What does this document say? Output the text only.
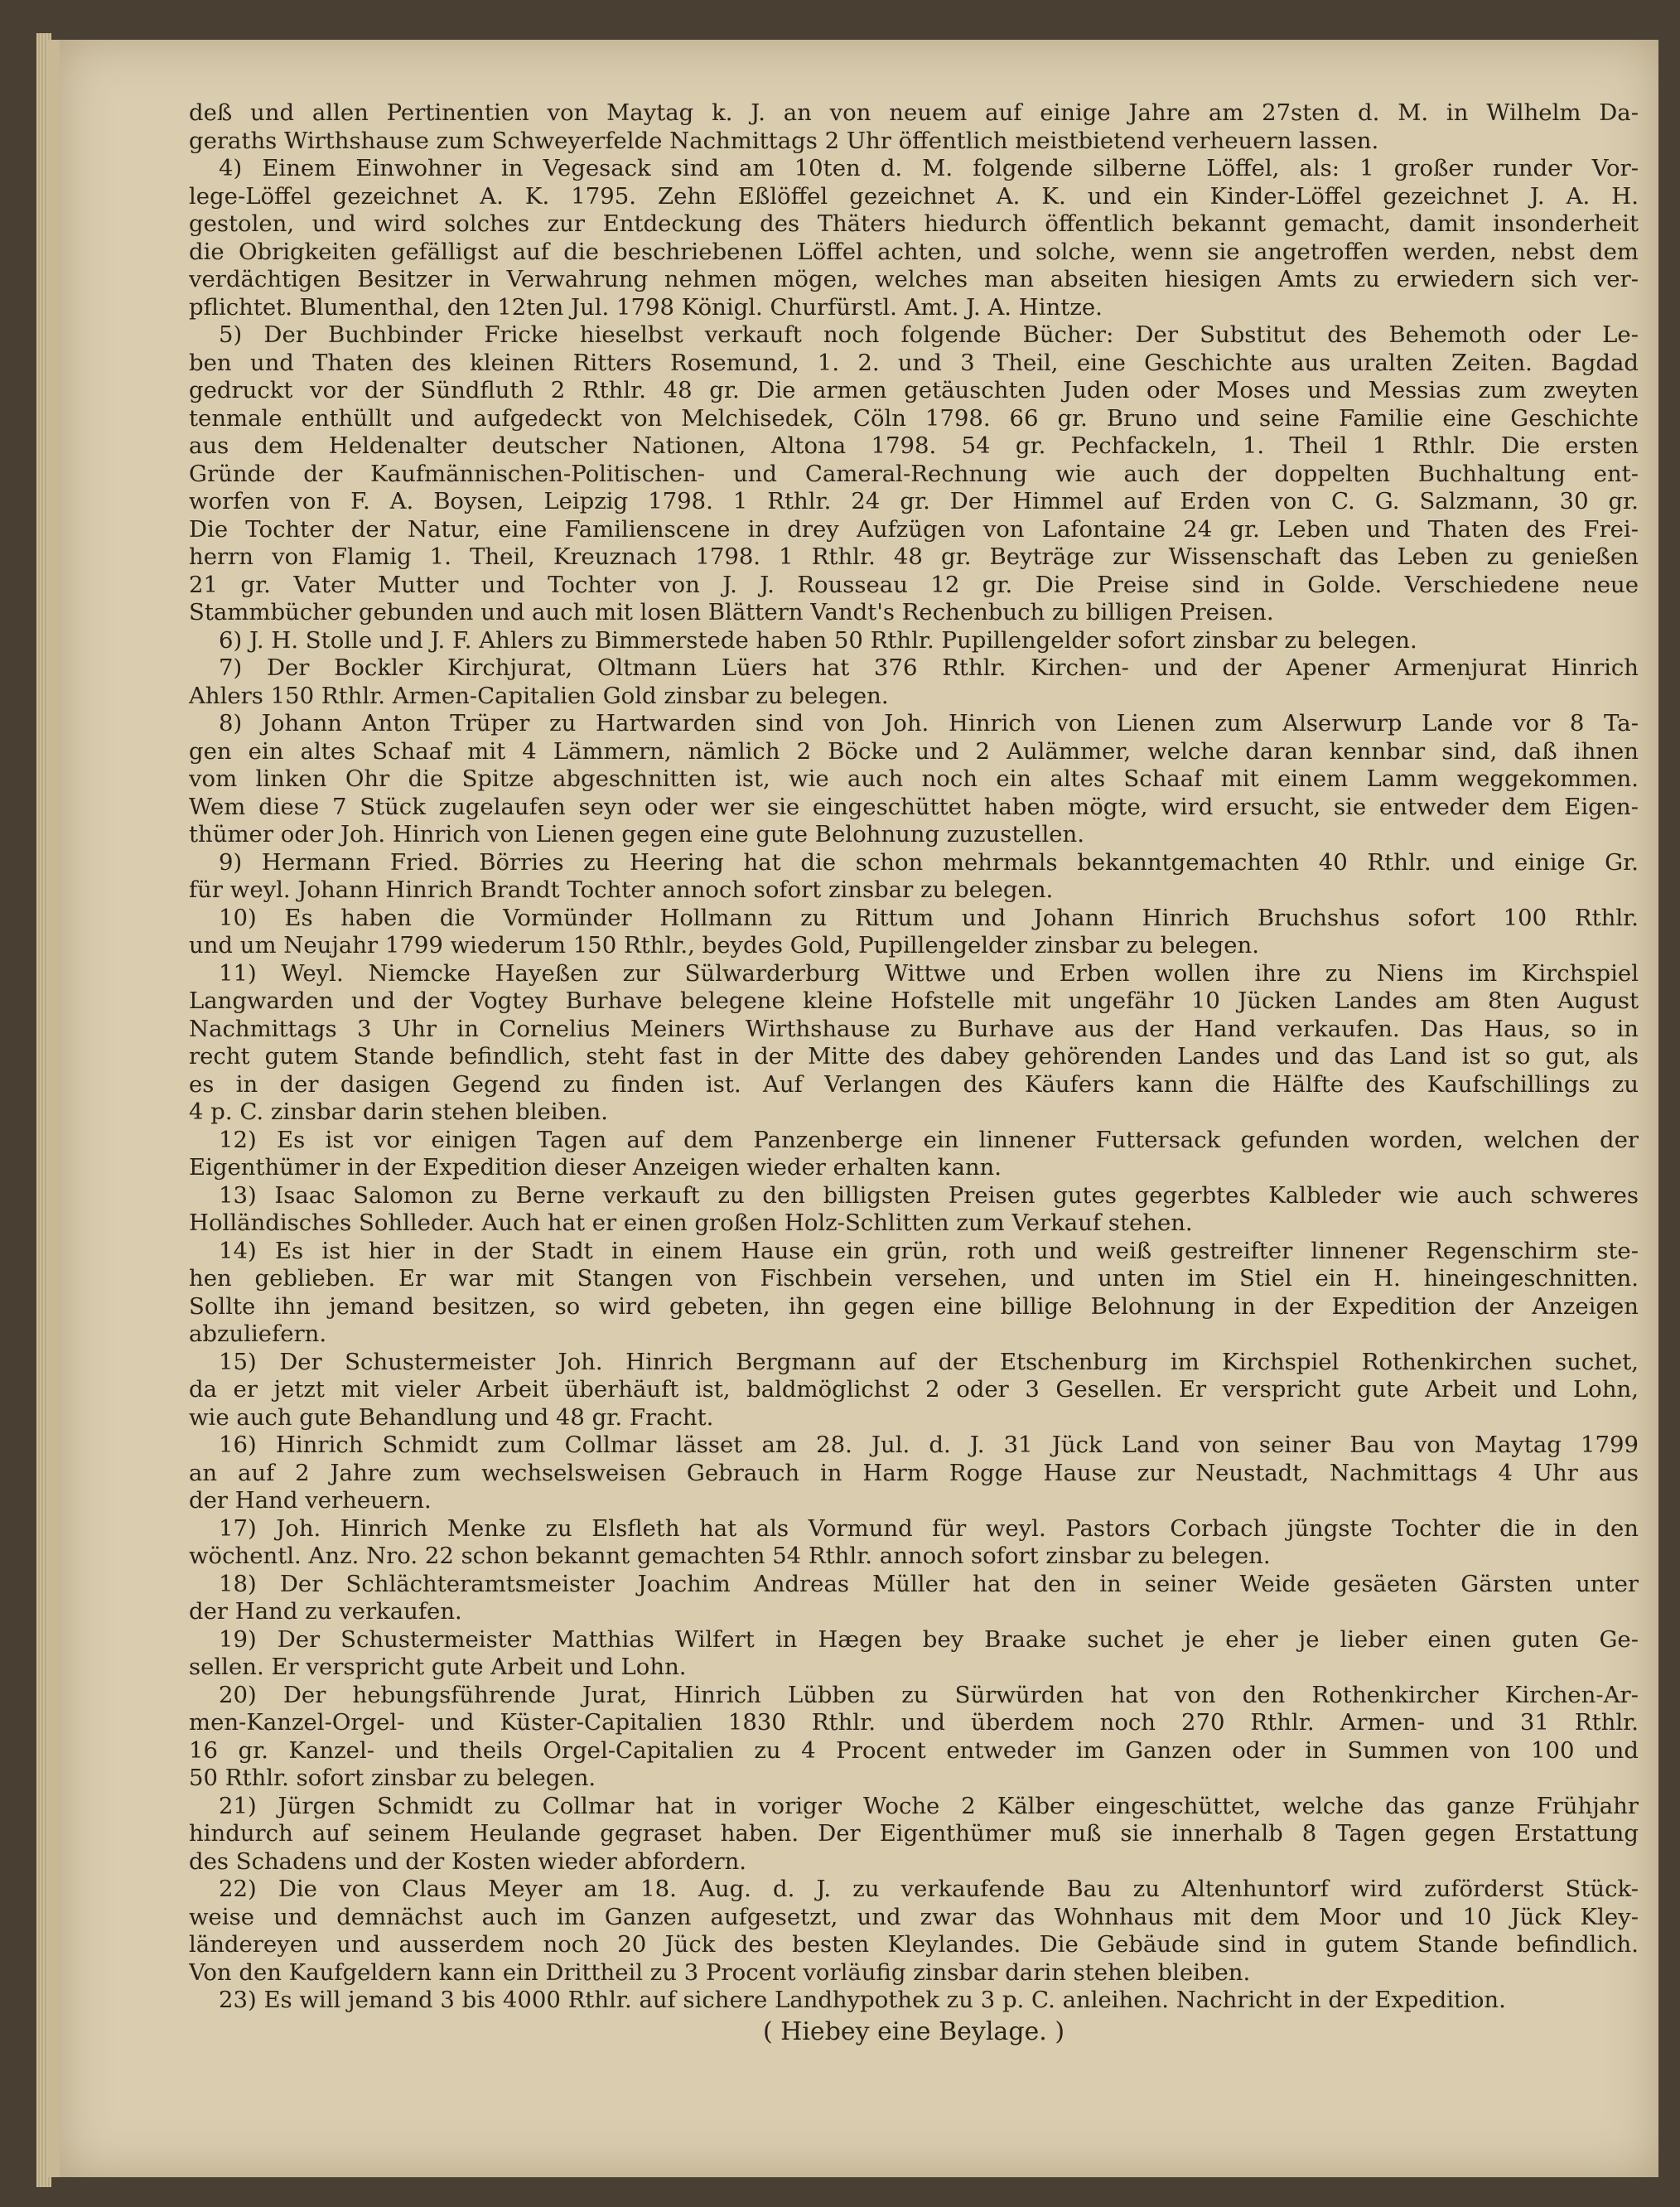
deß und allen Pertinentien von Maytag k. J. an von neuem auf einige Jahre am 27sten d. M. in Wilhelm Da-
geraths Wirthshause zum Schweyerfelde Nachmittags 2 Uhr öffentlich meistbietend verheuern lassen.
4) Einem Einwohner in Vegesack sind am 10ten d. M. folgende silberne Löffel, als: 1 großer runder Vor-
lege-Löffel gezeichnet A. K. 1795. Zehn Eßlöffel gezeichnet A. K. und ein Kinder-Löffel gezeichnet J. A. H.
gestolen, und wird solches zur Entdeckung des Thäters hiedurch öffentlich bekannt gemacht, damit insonderheit
die Obrigkeiten gefälligst auf die beschriebenen Löffel achten, und solche, wenn sie angetroffen werden, nebst dem
verdächtigen Besitzer in Verwahrung nehmen mögen, welches man abseiten hiesigen Amts zu erwiedern sich ver-
pflichtet. Blumenthal, den 12ten Jul. 1798 Königl. Churfürstl. Amt. J. A. Hintze.
5) Der Buchbinder Fricke hieselbst verkauft noch folgende Bücher: Der Substitut des Behemoth oder Le-
ben und Thaten des kleinen Ritters Rosemund, 1. 2. und 3 Theil, eine Geschichte aus uralten Zeiten. Bagdad
gedruckt vor der Sündfluth 2 Rthlr. 48 gr. Die armen getäuschten Juden oder Moses und Messias zum zweyten
tenmale enthüllt und aufgedeckt von Melchisedek, Cöln 1798. 66 gr. Bruno und seine Familie eine Geschichte
aus dem Heldenalter deutscher Nationen, Altona 1798. 54 gr. Pechfackeln, 1. Theil 1 Rthlr. Die ersten
Gründe der Kaufmännischen-Politischen- und Cameral-Rechnung wie auch der doppelten Buchhaltung ent-
worfen von F. A. Boysen, Leipzig 1798. 1 Rthlr. 24 gr. Der Himmel auf Erden von C. G. Salzmann, 30 gr.
Die Tochter der Natur, eine Familienscene in drey Aufzügen von Lafontaine 24 gr. Leben und Thaten des Frei-
herrn von Flamig 1. Theil, Kreuznach 1798. 1 Rthlr. 48 gr. Beyträge zur Wissenschaft das Leben zu genießen
21 gr. Vater Mutter und Tochter von J. J. Rousseau 12 gr. Die Preise sind in Golde. Verschiedene neue
Stammbücher gebunden und auch mit losen Blättern Vandt's Rechenbuch zu billigen Preisen.
6) J. H. Stolle und J. F. Ahlers zu Bimmerstede haben 50 Rthlr. Pupillengelder sofort zinsbar zu belegen.
7) Der Bockler Kirchjurat, Oltmann Lüers hat 376 Rthlr. Kirchen- und der Apener Armenjurat Hinrich
Ahlers 150 Rthlr. Armen-Capitalien Gold zinsbar zu belegen.
8) Johann Anton Trüper zu Hartwarden sind von Joh. Hinrich von Lienen zum Alserwurp Lande vor 8 Ta-
gen ein altes Schaaf mit 4 Lämmern, nämlich 2 Böcke und 2 Aulämmer, welche daran kennbar sind, daß ihnen
vom linken Ohr die Spitze abgeschnitten ist, wie auch noch ein altes Schaaf mit einem Lamm weggekommen.
Wem diese 7 Stück zugelaufen seyn oder wer sie eingeschüttet haben mögte, wird ersucht, sie entweder dem Eigen-
thümer oder Joh. Hinrich von Lienen gegen eine gute Belohnung zuzustellen.
9) Hermann Fried. Börries zu Heering hat die schon mehrmals bekanntgemachten 40 Rthlr. und einige Gr.
für weyl. Johann Hinrich Brandt Tochter annoch sofort zinsbar zu belegen.
10) Es haben die Vormünder Hollmann zu Rittum und Johann Hinrich Bruchshus sofort 100 Rthlr.
und um Neujahr 1799 wiederum 150 Rthlr., beydes Gold, Pupillengelder zinsbar zu belegen.
11) Weyl. Niemcke Hayeßen zur Sülwarderburg Wittwe und Erben wollen ihre zu Niens im Kirchspiel
Langwarden und der Vogtey Burhave belegene kleine Hofstelle mit ungefähr 10 Jücken Landes am 8ten August
Nachmittags 3 Uhr in Cornelius Meiners Wirthshause zu Burhave aus der Hand verkaufen. Das Haus, so in
recht gutem Stande befindlich, steht fast in der Mitte des dabey gehörenden Landes und das Land ist so gut, als
es in der dasigen Gegend zu finden ist. Auf Verlangen des Käufers kann die Hälfte des Kaufschillings zu
4 p. C. zinsbar darin stehen bleiben.
12) Es ist vor einigen Tagen auf dem Panzenberge ein linnener Futtersack gefunden worden, welchen der
Eigenthümer in der Expedition dieser Anzeigen wieder erhalten kann.
13) Isaac Salomon zu Berne verkauft zu den billigsten Preisen gutes gegerbtes Kalbleder wie auch schweres
Holländisches Sohlleder. Auch hat er einen großen Holz-Schlitten zum Verkauf stehen.
14) Es ist hier in der Stadt in einem Hause ein grün, roth und weiß gestreifter linnener Regenschirm ste-
hen geblieben. Er war mit Stangen von Fischbein versehen, und unten im Stiel ein H. hineingeschnitten.
Sollte ihn jemand besitzen, so wird gebeten, ihn gegen eine billige Belohnung in der Expedition der Anzeigen
abzuliefern.
15) Der Schustermeister Joh. Hinrich Bergmann auf der Etschenburg im Kirchspiel Rothenkirchen suchet,
da er jetzt mit vieler Arbeit überhäuft ist, baldmöglichst 2 oder 3 Gesellen. Er verspricht gute Arbeit und Lohn,
wie auch gute Behandlung und 48 gr. Fracht.
16) Hinrich Schmidt zum Collmar lässet am 28. Jul. d. J. 31 Jück Land von seiner Bau von Maytag 1799
an auf 2 Jahre zum wechselsweisen Gebrauch in Harm Rogge Hause zur Neustadt, Nachmittags 4 Uhr aus
der Hand verheuern.
17) Joh. Hinrich Menke zu Elsfleth hat als Vormund für weyl. Pastors Corbach jüngste Tochter die in den
wöchentl. Anz. Nro. 22 schon bekannt gemachten 54 Rthlr. annoch sofort zinsbar zu belegen.
18) Der Schlächteramtsmeister Joachim Andreas Müller hat den in seiner Weide gesäeten Gärsten unter
der Hand zu verkaufen.
19) Der Schustermeister Matthias Wilfert in Hægen bey Braake suchet je eher je lieber einen guten Ge-
sellen. Er verspricht gute Arbeit und Lohn.
20) Der hebungsführende Jurat, Hinrich Lübben zu Sürwürden hat von den Rothenkircher Kirchen-Ar-
men-Kanzel-Orgel- und Küster-Capitalien 1830 Rthlr. und überdem noch 270 Rthlr. Armen- und 31 Rthlr.
16 gr. Kanzel- und theils Orgel-Capitalien zu 4 Procent entweder im Ganzen oder in Summen von 100 und
50 Rthlr. sofort zinsbar zu belegen.
21) Jürgen Schmidt zu Collmar hat in voriger Woche 2 Kälber eingeschüttet, welche das ganze Frühjahr
hindurch auf seinem Heulande gegraset haben. Der Eigenthümer muß sie innerhalb 8 Tagen gegen Erstattung
des Schadens und der Kosten wieder abfordern.
22) Die von Claus Meyer am 18. Aug. d. J. zu verkaufende Bau zu Altenhuntorf wird zuförderst Stück-
weise und demnächst auch im Ganzen aufgesetzt, und zwar das Wohnhaus mit dem Moor und 10 Jück Kley-
ländereyen und ausserdem noch 20 Jück des besten Kleylandes. Die Gebäude sind in gutem Stande befindlich.
Von den Kaufgeldern kann ein Drittheil zu 3 Procent vorläufig zinsbar darin stehen bleiben.
23) Es will jemand 3 bis 4000 Rthlr. auf sichere Landhypothek zu 3 p. C. anleihen. Nachricht in der Expedition.
( Hiebey eine Beylage. )
